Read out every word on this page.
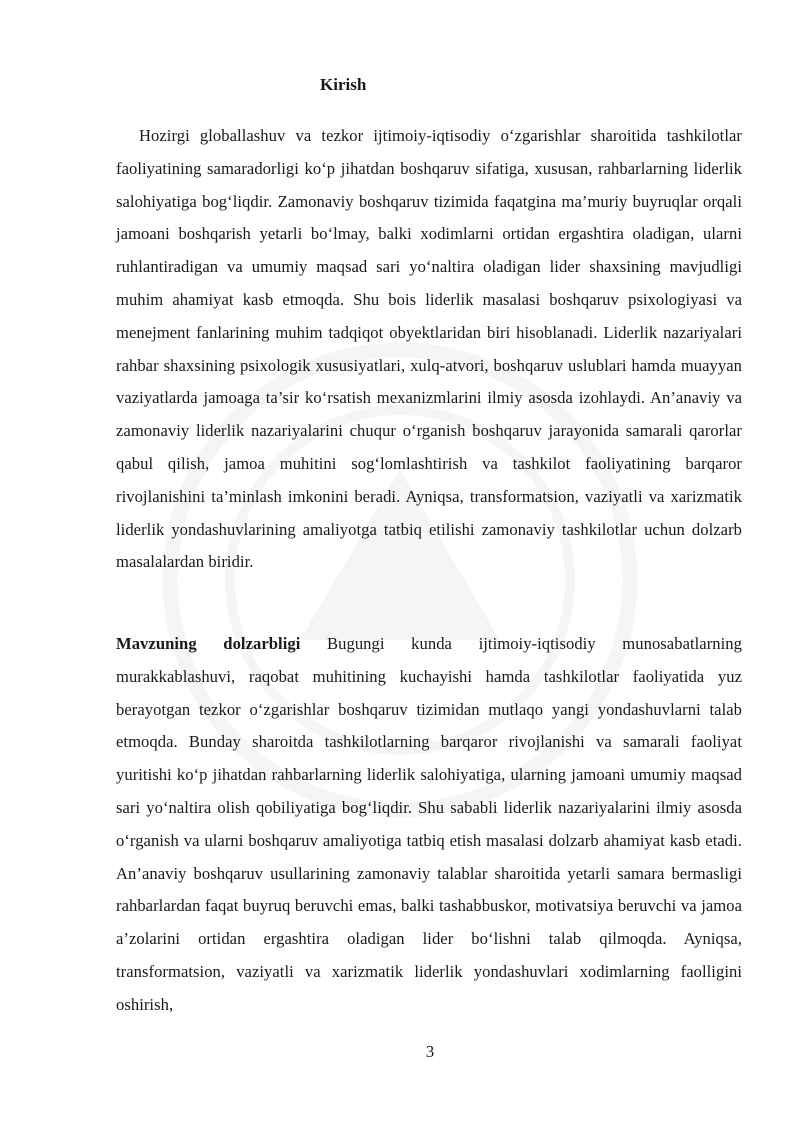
Kirish

Hozirgi globallashuv va tezkor ijtimoiy-iqtisodiy o‘zgarishlar sharoitida tashkilotlar faoliyatining samaradorligi ko‘p jihatdan boshqaruv sifatiga, xususan, rahbarlarning liderlik salohiyatiga bog‘liqdir. Zamonaviy boshqaruv tizimida faqatgina ma’muriy buyruqlar orqali jamoani boshqarish yetarli bo‘lmay, balki xodimlarni ortidan ergashtira oladigan, ularni ruhlantiradigan va umumiy maqsad sari yo‘naltira oladigan lider shaxsining mavjudligi muhim ahamiyat kasb etmoqda. Shu bois liderlik masalasi boshqaruv psixologiyasi va menejment fanlarining muhim tadqiqot obyektlaridan biri hisoblanadi. Liderlik nazariyalari rahbar shaxsining psixologik xususiyatlari, xulq-atvori, boshqaruv uslublari hamda muayyan vaziyatlarda jamoaga ta’sir ko‘rsatish mexanizmlarini ilmiy asosda izohlaydi. An’anaviy va zamonaviy liderlik nazariyalarini chuqur o‘rganish boshqaruv jarayonida samarali qarorlar qabul qilish, jamoa muhitini sog‘lomlashtirish va tashkilot faoliyatining barqaror rivojlanishini ta’minlash imkonini beradi. Ayniqsa, transformatsion, vaziyatli va xarizmatik liderlik yondashuvlarining amaliyotga tatbiq etilishi zamonaviy tashkilotlar uchun dolzarb masalalardan biridir.

Mavzuning dolzarbligi Bugungi kunda ijtimoiy-iqtisodiy munosabatlarning murakkablashuvi, raqobat muhitining kuchayishi hamda tashkilotlar faoliyatida yuz berayotgan tezkor o‘zgarishlar boshqaruv tizimidan mutlaqo yangi yondashuvlarni talab etmoqda. Bunday sharoitda tashkilotlarning barqaror rivojlanishi va samarali faoliyat yuritishi ko‘p jihatdan rahbarlarning liderlik salohiyatiga, ularning jamoani umumiy maqsad sari yo‘naltira olish qobiliyatiga bog‘liqdir. Shu sababli liderlik nazariyalarini ilmiy asosda o‘rganish va ularni boshqaruv amaliyotiga tatbiq etish masalasi dolzarb ahamiyat kasb etadi. An’anaviy boshqaruv usullarining zamonaviy talablar sharoitida yetarli samara bermasligi rahbarlardan faqat buyruq beruvchi emas, balki tashabbuskor, motivatsiya beruvchi va jamoa a’zolarini ortidan ergashtira oladigan lider bo‘lishni talab qilmoqda. Ayniqsa, transformatsion, vaziyatli va xarizmatik liderlik yondashuvlari xodimlarning faolligini oshirish,

3
